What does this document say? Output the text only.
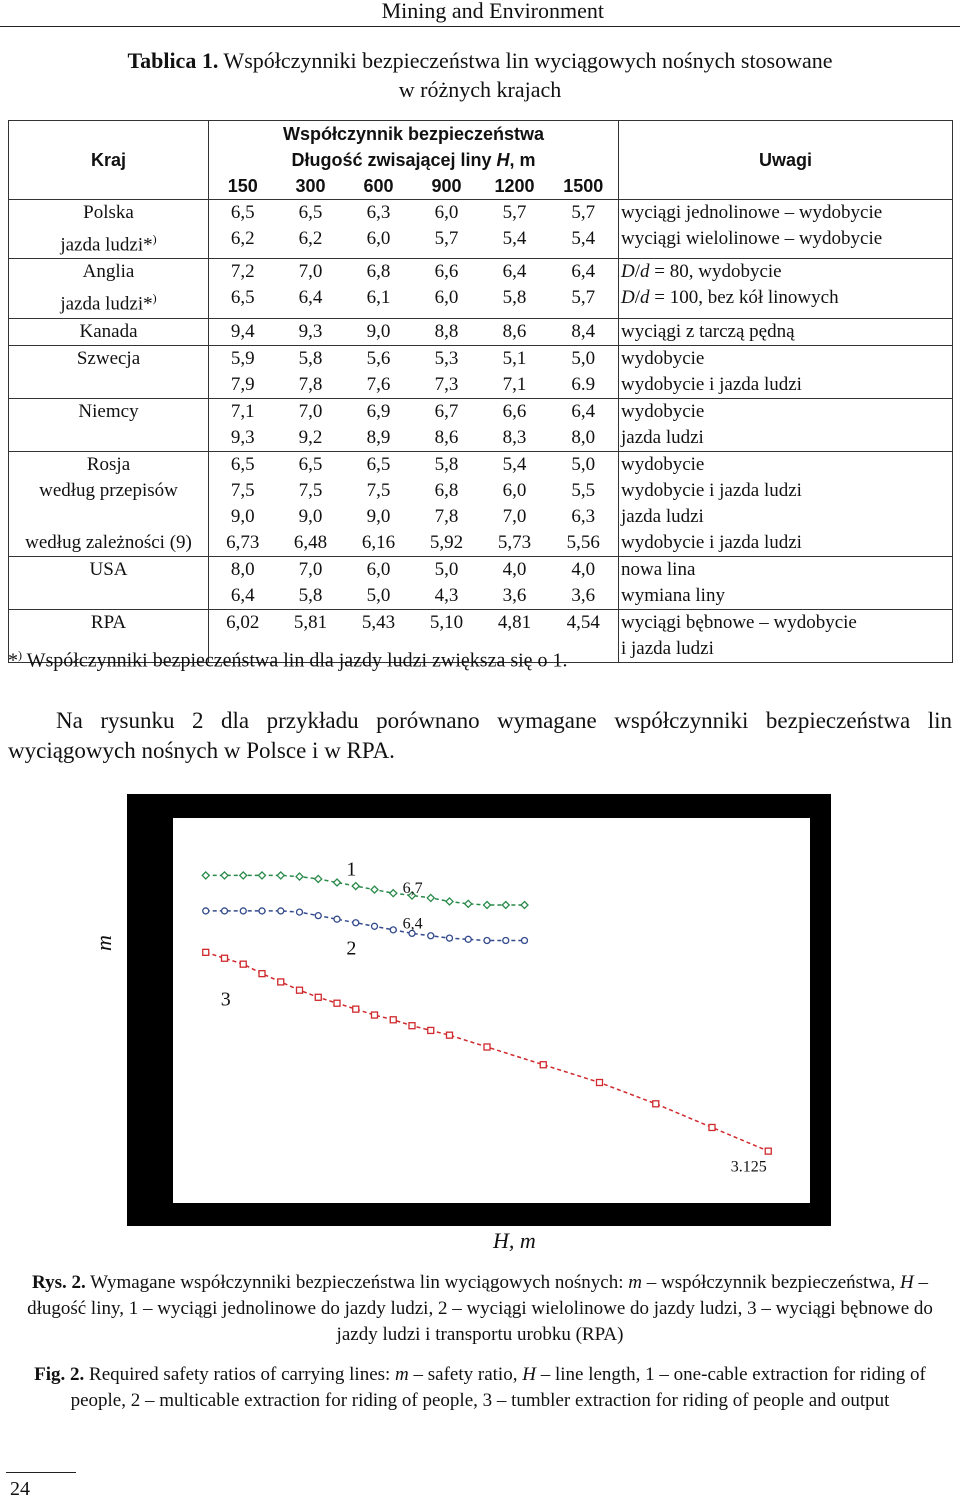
Mining and Environment
Tablica 1. Współczynniki bezpieczeństwa lin wyciągowych nośnych stosowane
w różnych krajach
Kraj	Współczynnik bezpieczeństwa						Uwagi
	Długość zwisającej liny H, m						
	150	300	600	900	1200	1500	
Polska	6,5	6,5	6,3	6,0	5,7	5,7	wyciągi jednolinowe – wydobycie
jazda ludzi*)	6,2	6,2	6,0	5,7	5,4	5,4	wyciągi wielolinowe – wydobycie
Anglia	7,2	7,0	6,8	6,6	6,4	6,4	D/d = 80, wydobycie
jazda ludzi*)	6,5	6,4	6,1	6,0	5,8	5,7	D/d = 100, bez kół linowych
Kanada	9,4	9,3	9,0	8,8	8,6	8,4	wyciągi z tarczą pędną
Szwecja	5,9	5,8	5,6	5,3	5,1	5,0	wydobycie
	7,9	7,8	7,6	7,3	7,1	6.9	wydobycie i jazda ludzi
Niemcy	7,1	7,0	6,9	6,7	6,6	6,4	wydobycie
	9,3	9,2	8,9	8,6	8,3	8,0	jazda ludzi
Rosja	6,5	6,5	6,5	5,8	5,4	5,0	wydobycie
według przepisów	7,5	7,5	7,5	6,8	6,0	5,5	wydobycie i jazda ludzi
	9,0	9,0	9,0	7,8	7,0	6,3	jazda ludzi
według zależności (9)	6,73	6,48	6,16	5,92	5,73	5,56	wydobycie i jazda ludzi
USA	8,0	7,0	6,0	5,0	4,0	4,0	nowa lina
	6,4	5,8	5,0	4,3	3,6	3,6	wymiana liny
RPA	6,02	5,81	5,43	5,10	4,81	4,54	wyciągi bębnowe – wydobycie
							i jazda ludzi
*) Współczynniki bezpieczeństwa lin dla jazdy ludzi zwiększa się o 1.
Na rysunku 2 dla przykładu porównano wymagane współczynniki bezpieczeństwa lin wyciągowych nośnych w Polsce i w RPA.
1
6,7
6,4
2
3
3.125
H, m
m
Rys. 2. Wymagane współczynniki bezpieczeństwa lin wyciągowych nośnych: m – współczynnik bezpieczeństwa, H – długość liny, 1 – wyciągi jednolinowe do jazdy ludzi, 2 – wyciągi wielolinowe do jazdy ludzi, 3 – wyciągi bębnowe do jazdy ludzi i transportu urobku (RPA)
Fig. 2. Required safety ratios of carrying lines: m – safety ratio, H – line length, 1 – one-cable extraction for riding of people, 2 – multicable extraction for riding of people, 3 – tumbler extraction for riding of people and output
24
